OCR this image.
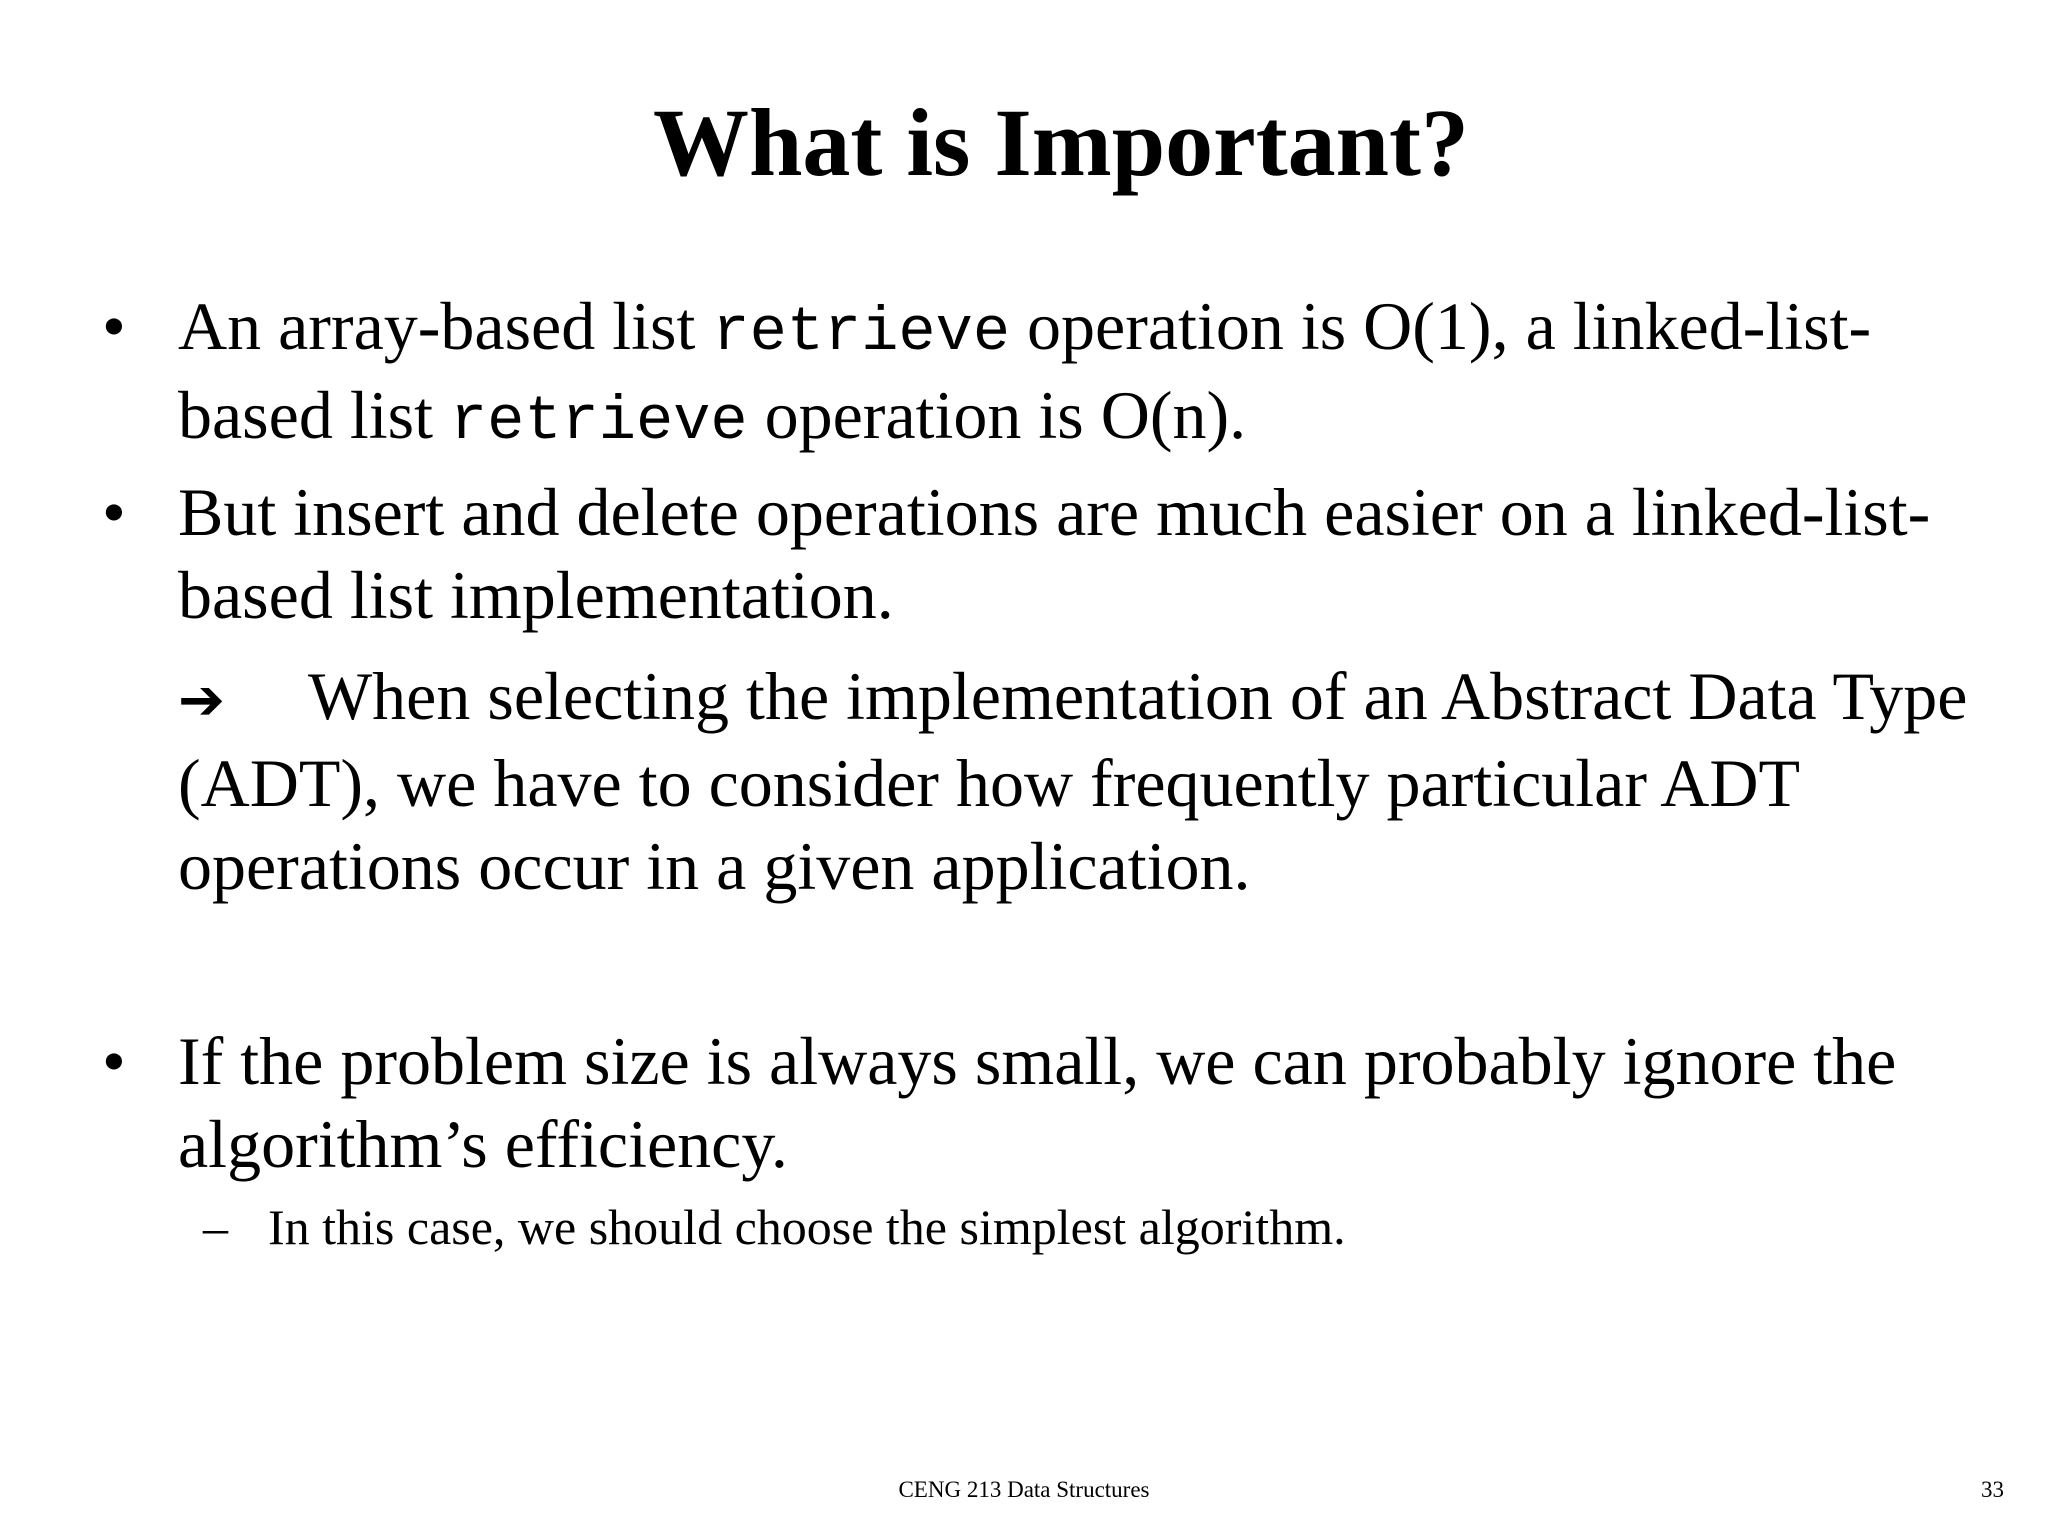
What is Important?
• An array-based list retrieve operation is O(1), a linked-list-
based list retrieve operation is O(n).
• But insert and delete operations are much easier on a linked-list-
based list implementation.
➔ When selecting the implementation of an Abstract Data Type
(ADT), we have to consider how frequently particular ADT
operations occur in a given application.
• If the problem size is always small, we can probably ignore the
algorithm’s efficiency.
– In this case, we should choose the simplest algorithm.
CENG 213 Data Structures	33
